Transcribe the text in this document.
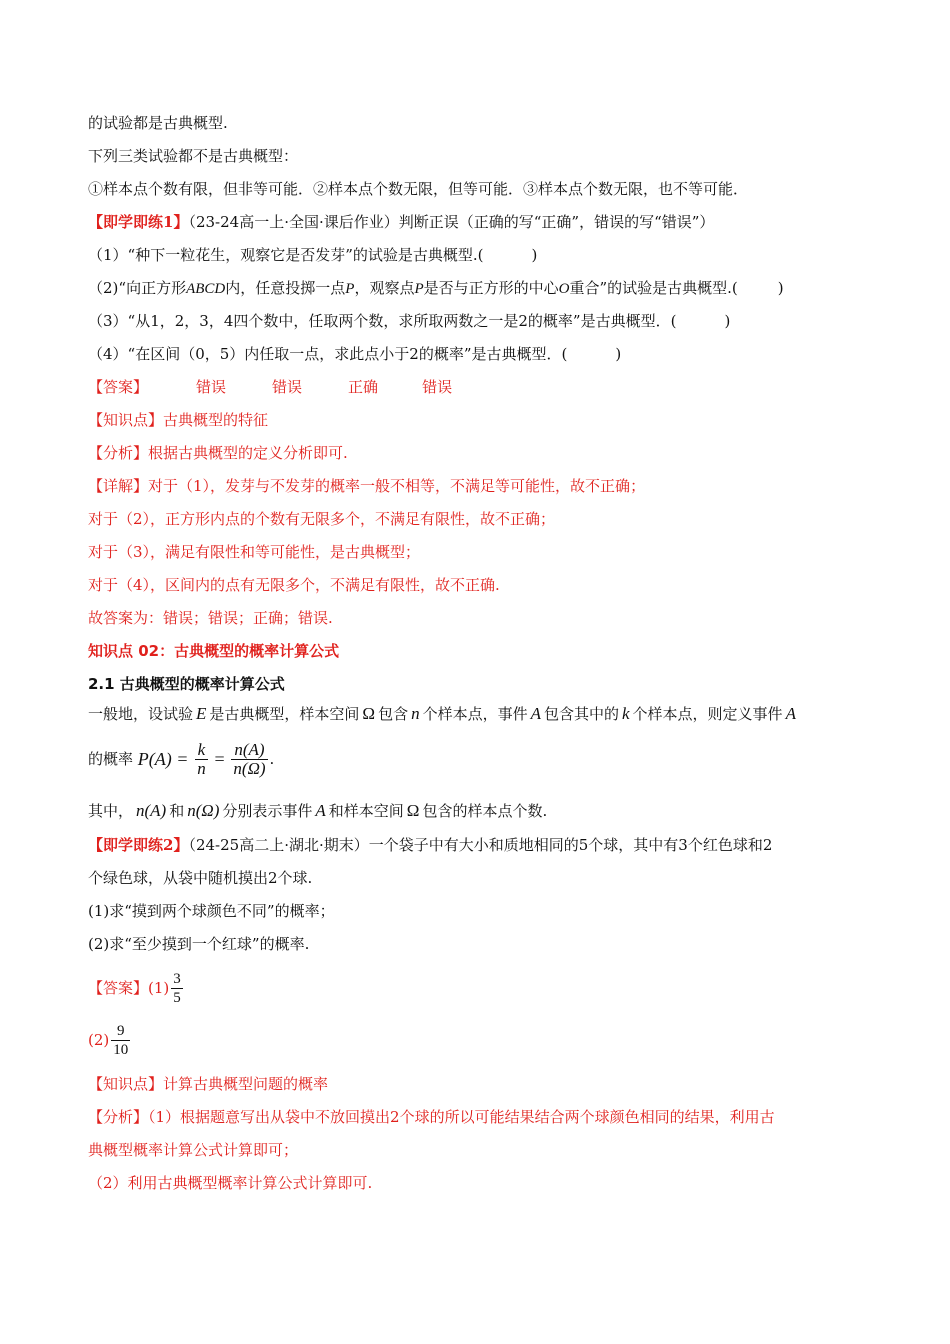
的试验都是古典概型.
下列三类试验都不是古典概型：
①样本点个数有限，但非等可能．②样本点个数无限，但等可能．③样本点个数无限，也不等可能．
【即学即练1】（23-24高一上·全国·课后作业）判断正误（正确的写“正确”，错误的写“错误”）
（1）“种下一粒花生，观察它是否发芽”的试验是古典概型.(	)
（2)“向正方形ABCD内，任意投掷一点P，观察点P是否与正方形的中心O重合”的试验是古典概型.(	)
（3）“从1，2，3，4四个数中，任取两个数，求所取两数之一是2的概率”是古典概型．(	)
（4）“在区间（0，5）内任取一点，求此点小于2的概率”是古典概型．(	)
【答案】	错误	错误	正确	错误
【知识点】古典概型的特征
【分析】根据古典概型的定义分析即可.
【详解】对于（1），发芽与不发芽的概率一般不相等，不满足等可能性，故不正确；
对于（2），正方形内点的个数有无限多个，不满足有限性，故不正确；
对于（3），满足有限性和等可能性，是古典概型；
对于（4），区间内的点有无限多个，不满足有限性，故不正确.
故答案为：错误；错误；正确；错误.
知识点 02：古典概型的概率计算公式
2.1 古典概型的概率计算公式
一般地，设试验 E 是古典概型，样本空间 Ω 包含 n 个样本点，事件 A 包含其中的 k 个样本点，则定义事件 A
的概率 $P(A) = \frac{k}{n} = \frac{n(A)}{n(\Omega)}$ .
其中， n(A) 和 n(Ω) 分别表示事件 A 和样本空间 Ω 包含的样本点个数.
【即学即练2】（24-25高二上·湖北·期末）一个袋子中有大小和质地相同的5个球，其中有3个红色球和2
个绿色球，从袋中随机摸出2个球.
(1)求“摸到两个球颜色不同”的概率；
(2)求“至少摸到一个红球”的概率.
【答案】$(1) \frac{3}{5}$
$(2) \frac{9}{10}$
【知识点】计算古典概型问题的概率
【分析】（1）根据题意写出从袋中不放回摸出2个球的所以可能结果结合两个球颜色相同的结果，利用古
典概型概率计算公式计算即可；
（2）利用古典概型概率计算公式计算即可.
